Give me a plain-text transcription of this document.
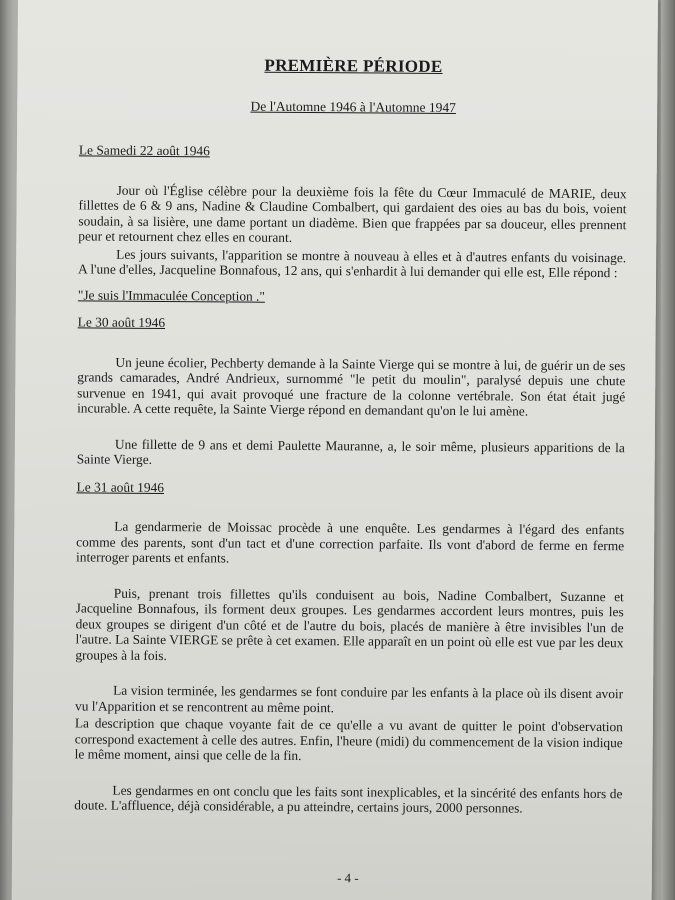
PREMIÈRE PÉRIODE
De l'Automne 1946 à l'Automne 1947
Le Samedi 22 août 1946

Jour où l'Église célèbre pour la deuxième fois la fête du Cœur Immaculé de MARIE, deux fillettes de 6 & 9 ans, Nadine & Claudine Combalbert, qui gardaient des oies au bas du bois, voient soudain, à sa lisière, une dame portant un diadème. Bien que frappées par sa douceur, elles prennent peur et retournent chez elles en courant.

Les jours suivants, l'apparition se montre à nouveau à elles et à d'autres enfants du voisinage. A l'une d'elles, Jacqueline Bonnafous, 12 ans, qui s'enhardit à lui demander qui elle est, Elle répond :

"Je suis l'Immaculée Conception ."
Le 30 août 1946

Un jeune écolier, Pechberty demande à la Sainte Vierge qui se montre à lui, de guérir un de ses grands camarades, André Andrieux, surnommé "le petit du moulin", paralysé depuis une chute survenue en 1941, qui avait provoqué une fracture de la colonne vertébrale. Son état était jugé incurable. A cette requête, la Sainte Vierge répond en demandant qu'on le lui amène.

Une fillette de 9 ans et demi Paulette Mauranne, a, le soir même, plusieurs apparitions de la Sainte Vierge.

Le 31 août 1946

La gendarmerie de Moissac procède à une enquête. Les gendarmes à l'égard des enfants comme des parents, sont d'un tact et d'une correction parfaite. Ils vont d'abord de ferme en ferme interroger parents et enfants.

Puis, prenant trois fillettes qu'ils conduisent au bois, Nadine Combalbert, Suzanne et Jacqueline Bonnafous, ils forment deux groupes. Les gendarmes accordent leurs montres, puis les deux groupes se dirigent d'un côté et de l'autre du bois, placés de manière à être invisibles l'un de l'autre. La Sainte VIERGE se prête à cet examen. Elle apparaît en un point où elle est vue par les deux groupes à la fois.

La vision terminée, les gendarmes se font conduire par les enfants à la place où ils disent avoir vu l'Apparition et se rencontrent au même point.

La description que chaque voyante fait de ce qu'elle a vu avant de quitter le point d'observation correspond exactement à celle des autres. Enfin, l'heure (midi) du commencement de la vision indique le même moment, ainsi que celle de la fin.

Les gendarmes en ont conclu que les faits sont inexplicables, et la sincérité des enfants hors de doute. L'affluence, déjà considérable, a pu atteindre, certains jours, 2000 personnes.

- 4 -
